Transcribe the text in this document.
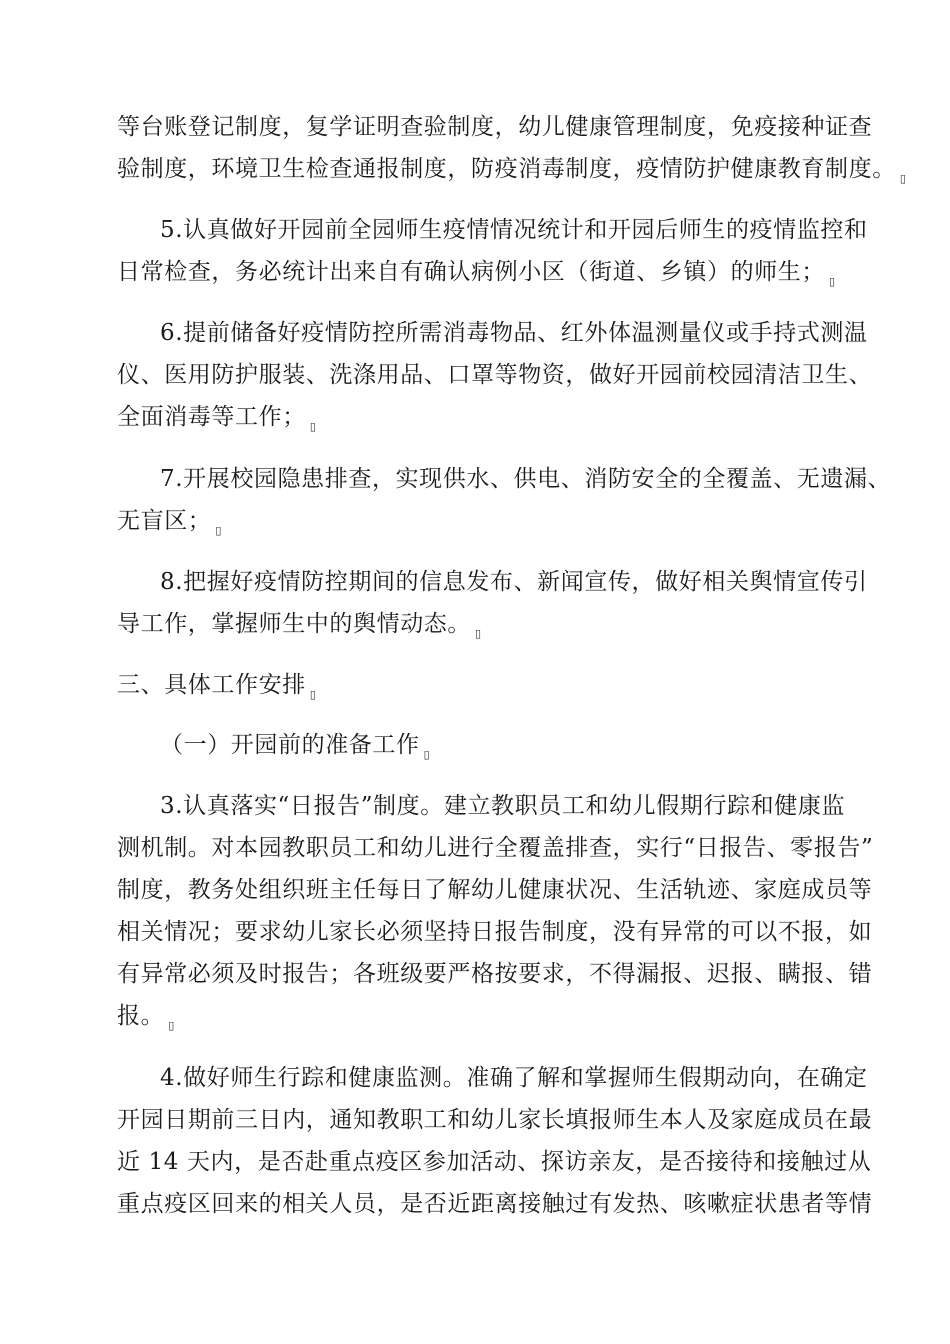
等台账登记制度，复学证明查验制度，幼儿健康管理制度，免疫接种证查
验制度，环境卫生检查通报制度，防疫消毒制度，疫情防护健康教育制度。 ▯
5.认真做好开园前全园师生疫情情况统计和开园后师生的疫情监控和
日常检查，务必统计出来自有确认病例小区（街道、乡镇）的师生； ▯
6.提前储备好疫情防控所需消毒物品、红外体温测量仪或手持式测温
仪、医用防护服装、洗涤用品、口罩等物资，做好开园前校园清洁卫生、
全面消毒等工作； ▯
7.开展校园隐患排查，实现供水、供电、消防安全的全覆盖、无遗漏、
无盲区； ▯
8.把握好疫情防控期间的信息发布、新闻宣传，做好相关舆情宣传引
导工作，掌握师生中的舆情动态。 ▯
三、具体工作安排 ▯
（一）开园前的准备工作 ▯
3.认真落实“日报告”制度。建立教职员工和幼儿假期行踪和健康监
测机制。对本园教职员工和幼儿进行全覆盖排查，实行“日报告、零报告”
制度，教务处组织班主任每日了解幼儿健康状况、生活轨迹、家庭成员等
相关情况；要求幼儿家长必须坚持日报告制度，没有异常的可以不报，如
有异常必须及时报告；各班级要严格按要求，不得漏报、迟报、瞒报、错
报。 ▯
4.做好师生行踪和健康监测。准确了解和掌握师生假期动向，在确定
开园日期前三日内，通知教职工和幼儿家长填报师生本人及家庭成员在最
近 14 天内，是否赴重点疫区参加活动、探访亲友，是否接待和接触过从
重点疫区回来的相关人员，是否近距离接触过有发热、咳嗽症状患者等情
